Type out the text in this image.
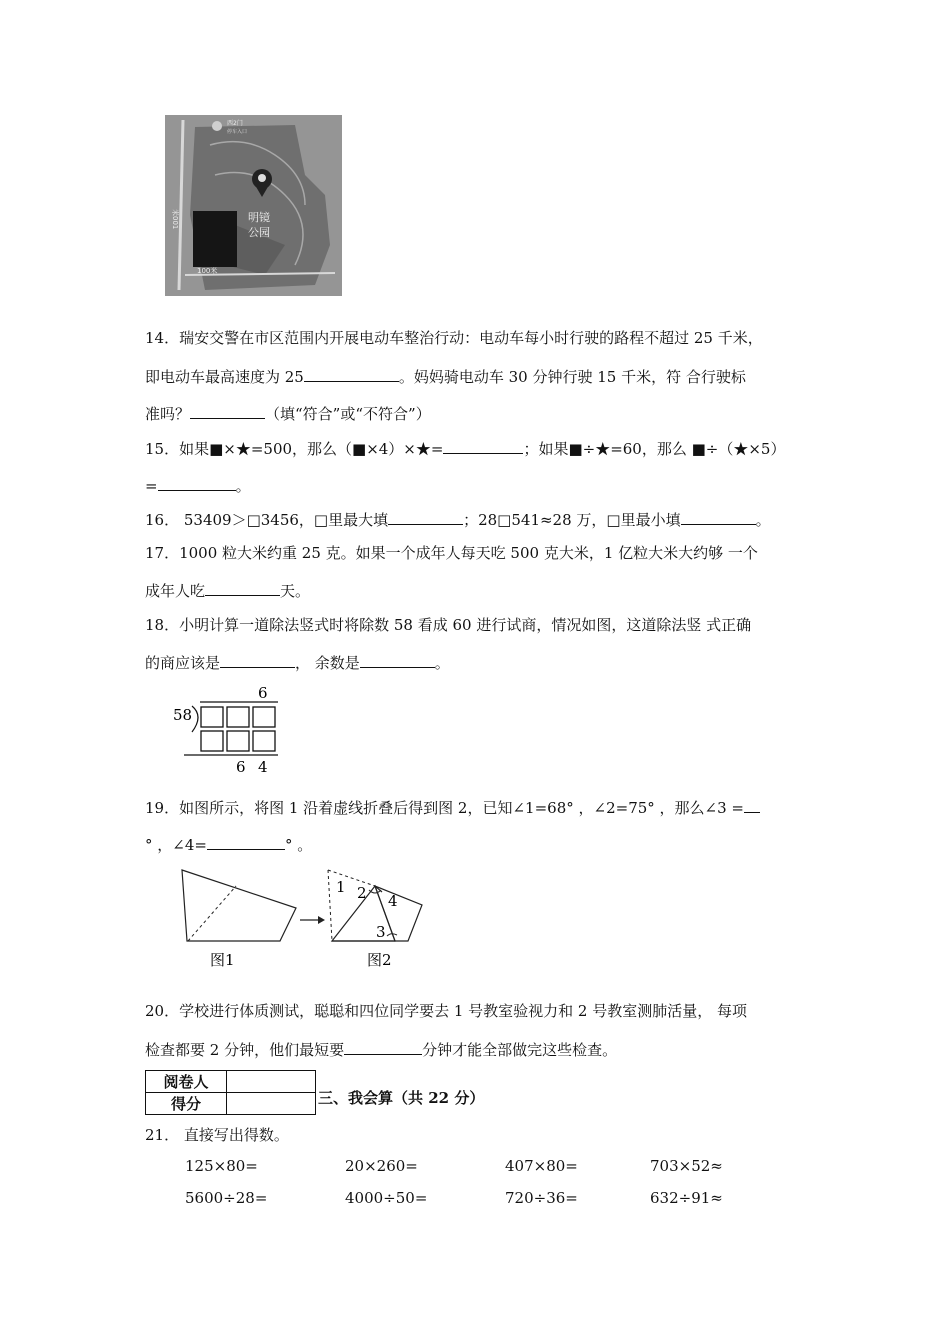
西2门
停车入口
明镜
公园
米001
100米
14．瑞安交警在市区范围内开展电动车整治行动：电动车每小时行驶的路程不超过 25 千米，
即电动车最高速度为 25	。妈妈骑电动车 30 分钟行驶 15 千米，符 合行驶标
准吗？	（填“符合”或“不符合”）
15．如果■×★=500，那么（■×4）×★=	；如果■÷★=60，那么 ■÷（★×5）
=	。
16． 53409＞□3456，□里最大填	；28□541≈28 万，□里最小填	。
17．1000 粒大米约重 25 克。如果一个成年人每天吃 500 克大米，1 亿粒大米大约够 一个
成年人吃	天。
18．小明计算一道除法竖式时将除数 58 看成 60 进行试商，情况如图，这道除法竖 式正确
的商应该是	， 余数是	。
6
58
6 4
19．如图所示，将图 1 沿着虚线折叠后得到图 2，已知∠1=68° ，∠2=75° ，那么∠3 =
° ，∠4=	° 。
图1
1 2
3
4
图2
20．学校进行体质测试，聪聪和四位同学要去 1 号教室验视力和 2 号教室测肺活量， 每项
检查都要 2 分钟，他们最短要	分钟才能全部做完这些检查。
阅卷人	
得分		三、我会算（共 22 分）
21． 直接写出得数。
125×80=	20×260=	407×80=	703×52≈
5600÷28=	4000÷50=	720÷36=	632÷91≈
